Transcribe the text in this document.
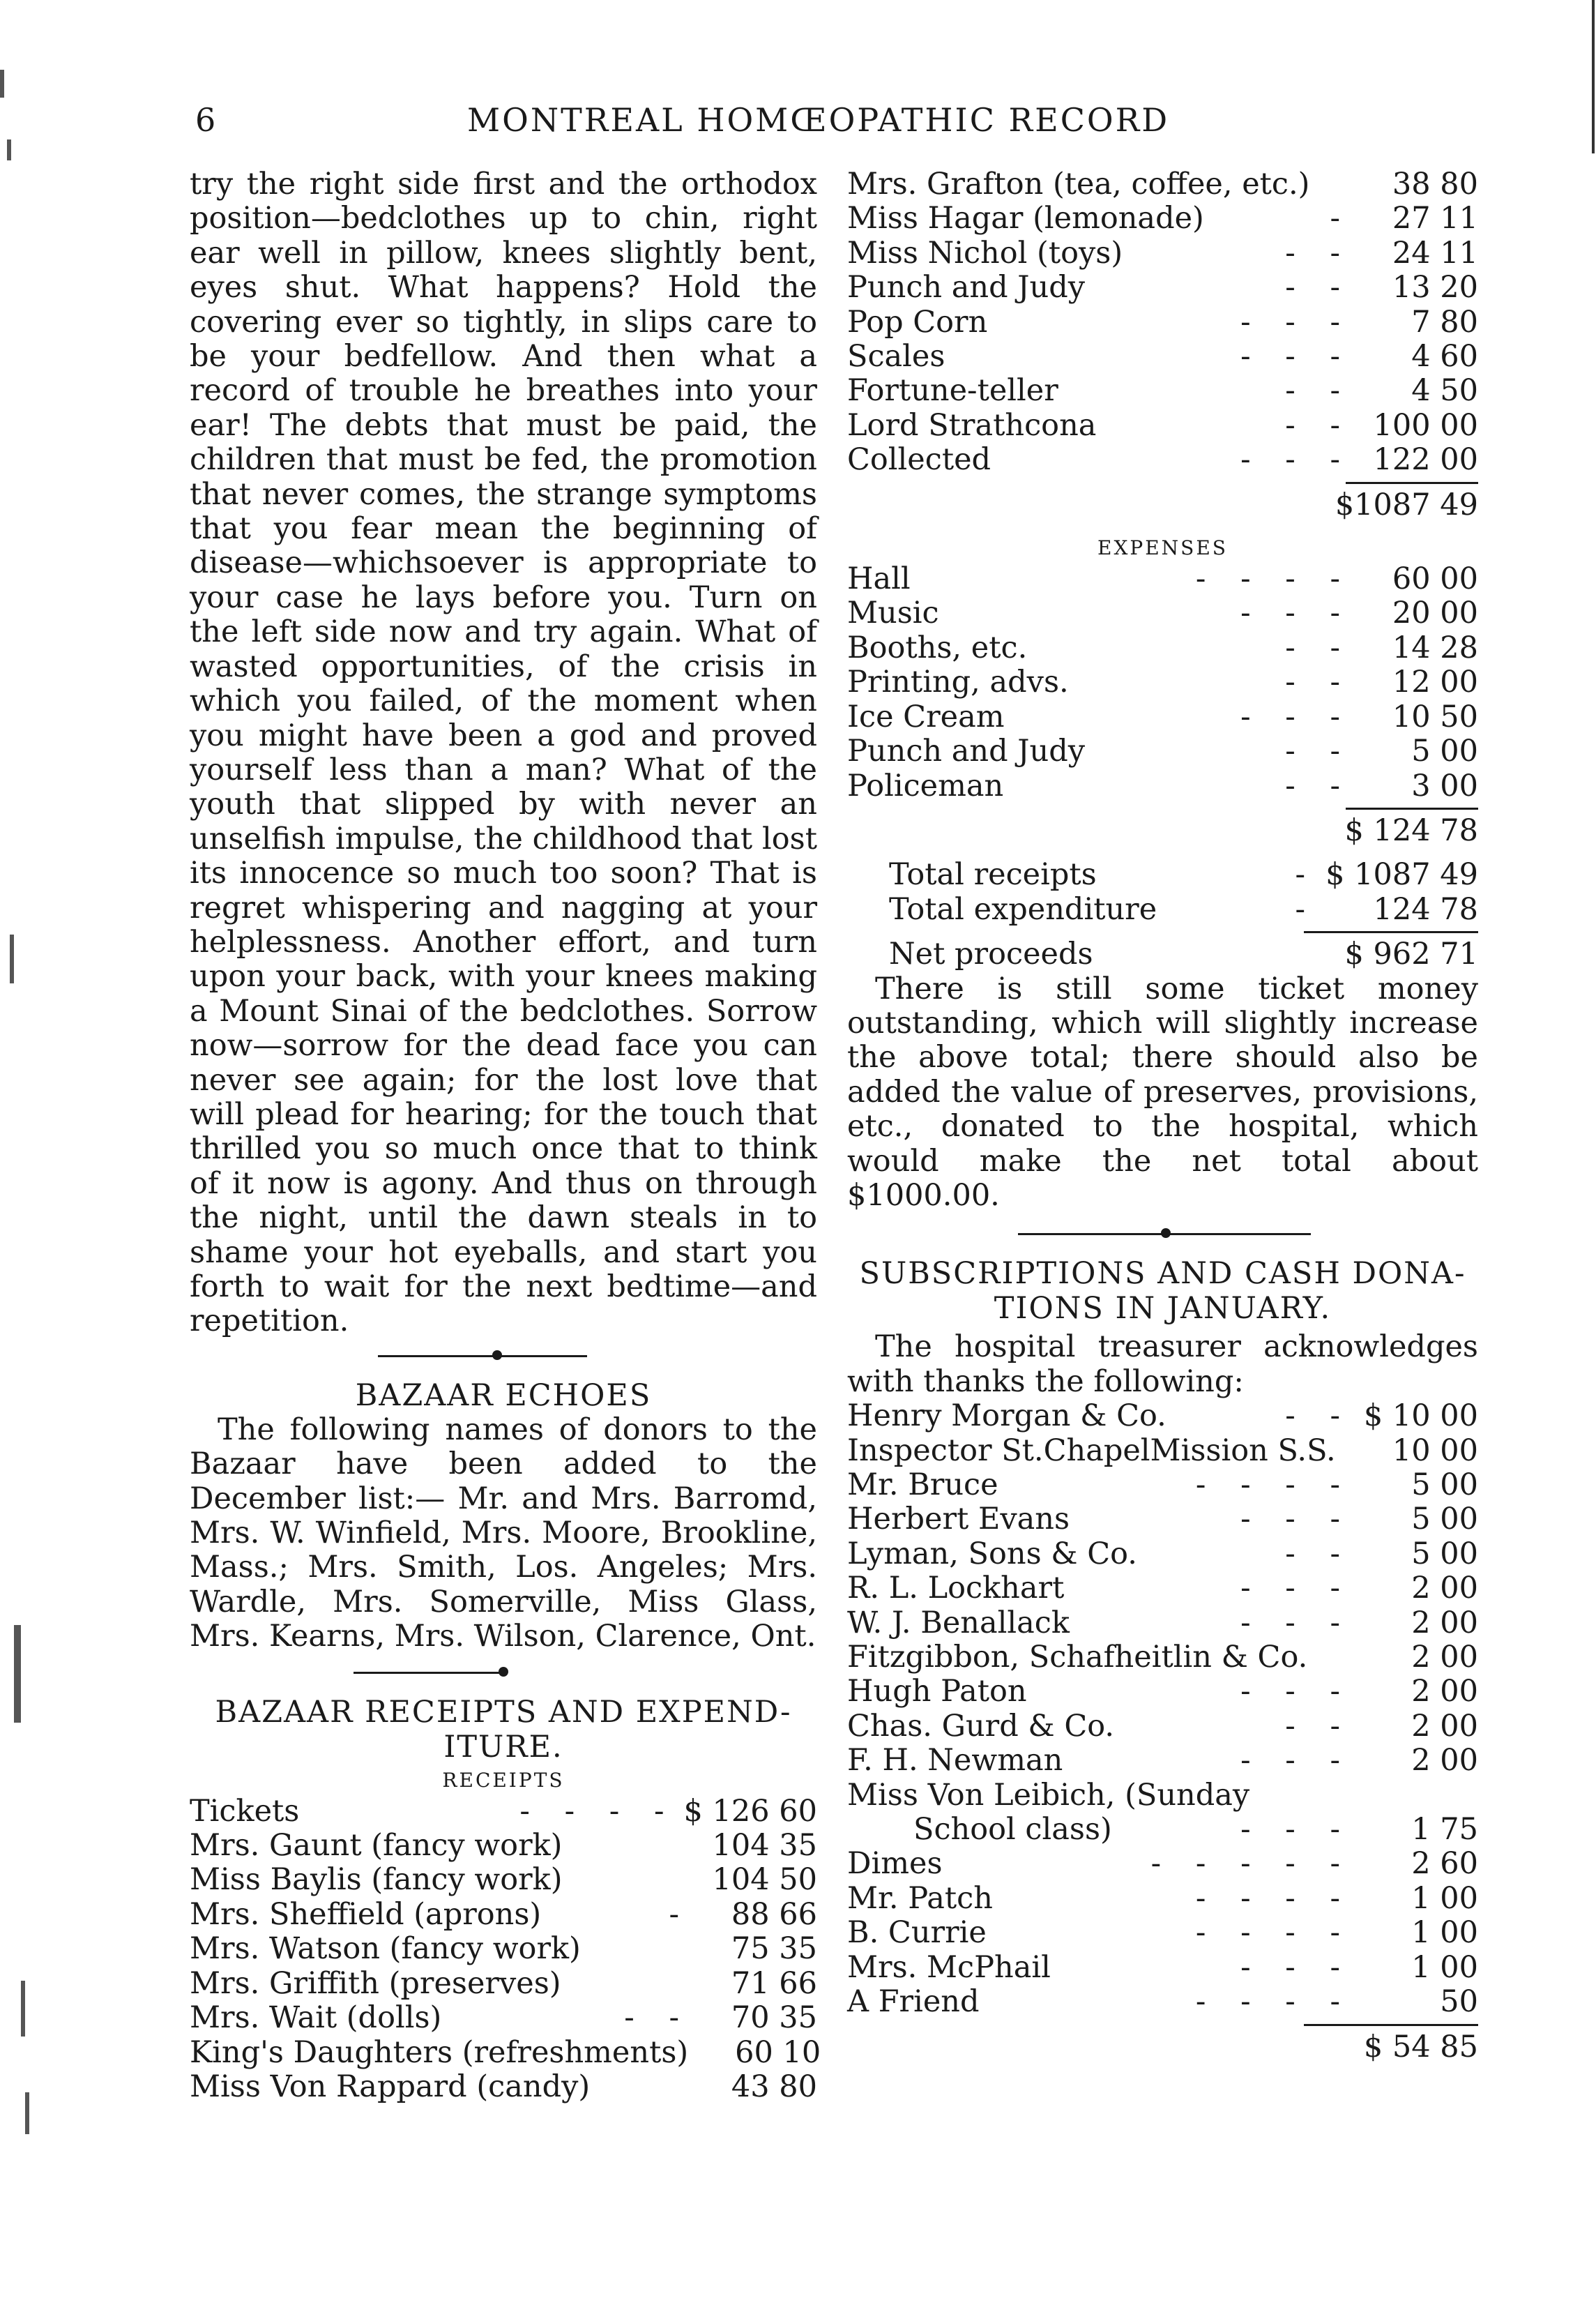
6	MONTREAL HOMŒOPATHIC RECORD

try the right side first and the orthodox position—bedclothes up to chin, right ear well in pillow, knees slightly bent, eyes shut. What happens? Hold the covering ever so tightly, in slips care to be your bedfellow. And then what a record of trouble he breathes into your ear! The debts that must be paid, the children that must be fed, the promotion that never comes, the strange symptoms that you fear mean the beginning of disease—whichsoever is appropriate to your case he lays before you. Turn on the left side now and try again. What of wasted opportunities, of the crisis in which you failed, of the moment when you might have been a god and proved yourself less than a man? What of the youth that slipped by with never an unselfish impulse, the childhood that lost its innocence so much too soon? That is regret whispering and nagging at your helplessness. Another effort, and turn upon your back, with your knees making a Mount Sinai of the bedclothes. Sorrow now—sorrow for the dead face you can never see again; for the lost love that will plead for hearing; for the touch that thrilled you so much once that to think of it now is agony. And thus on through the night, until the dawn steals in to shame your hot eyeballs, and start you forth to wait for the next bedtime—and repetition.

BAZAAR ECHOES

The following names of donors to the Bazaar have been added to the December list:— Mr. and Mrs. Barromd, Mrs. W. Winfield, Mrs. Moore, Brookline, Mass.; Mrs. Smith, Los. Angeles; Mrs. Wardle, Mrs. Somerville, Miss Glass, Mrs. Kearns, Mrs. Wilson, Clarence, Ont.

BAZAAR RECEIPTS AND EXPEND-

ITURE.

RECEIPTS

Tickets	- - - - $ 126 60
Mrs. Gaunt (fancy work)	104 35
Miss Baylis (fancy work)	104 50
Mrs. Sheffield (aprons)	-	88 66
Mrs. Watson (fancy work)	75 35
Mrs. Griffith (preserves)	71 66
Mrs. Wait (dolls)	- -	70 35
King's Daughters (refreshments)	60 10
Miss Von Rappard (candy)	43 80
Mrs. Grafton (tea, coffee, etc.)	38 80
Miss Hagar (lemonade)	-	27 11
Miss Nichol (toys)	- -	24 11
Punch and Judy	- -	13 20
Pop Corn	- - -	7 80
Scales	- - -	4 60
Fortune-teller	- -	4 50
Lord Strathcona	- - 100 00
Collected	- - - 122 00
$1087 49

EXPENSES

Hall	- - - -	60 00
Music	- - -	20 00
Booths, etc.	- -	14 28
Printing, advs.	- -	12 00
Ice Cream	- - -	10 50
Punch and Judy	- -	5 00
Policeman	- -	3 00
$ 124 78
Total receipts	- $ 1087 49
Total expenditure	-	124 78
Net proceeds	$ 962 71

There is still some ticket money outstanding, which will slightly increase the above total; there should also be added the value of preserves, provisions, etc., donated to the hospital, which would make the net total about $1000.00.

SUBSCRIPTIONS AND CASH DONA-

TIONS IN JANUARY.

The hospital treasurer acknowledges with thanks the following:

Henry Morgan & Co.	- - $ 10 00
Inspector St.ChapelMission S.S.	10 00
Mr. Bruce	- - - -	5 00
Herbert Evans	- - -	5 00
Lyman, Sons & Co.	- -	5 00
R. L. Lockhart	- - -	2 00
W. J. Benallack	- - -	2 00
Fitzgibbon, Schafheitlin & Co.	2 00
Hugh Paton	- - -	2 00
Chas. Gurd & Co.	- -	2 00
F. H. Newman	- - -	2 00
Miss Von Leibich, (Sunday
School class)	- - -	1 75
Dimes	- - - - -	2 60
Mr. Patch	- - - -	1 00
B. Currie	- - - -	1 00
Mrs. McPhail	- - -	1 00
A Friend	- - - -	50
$ 54 85
